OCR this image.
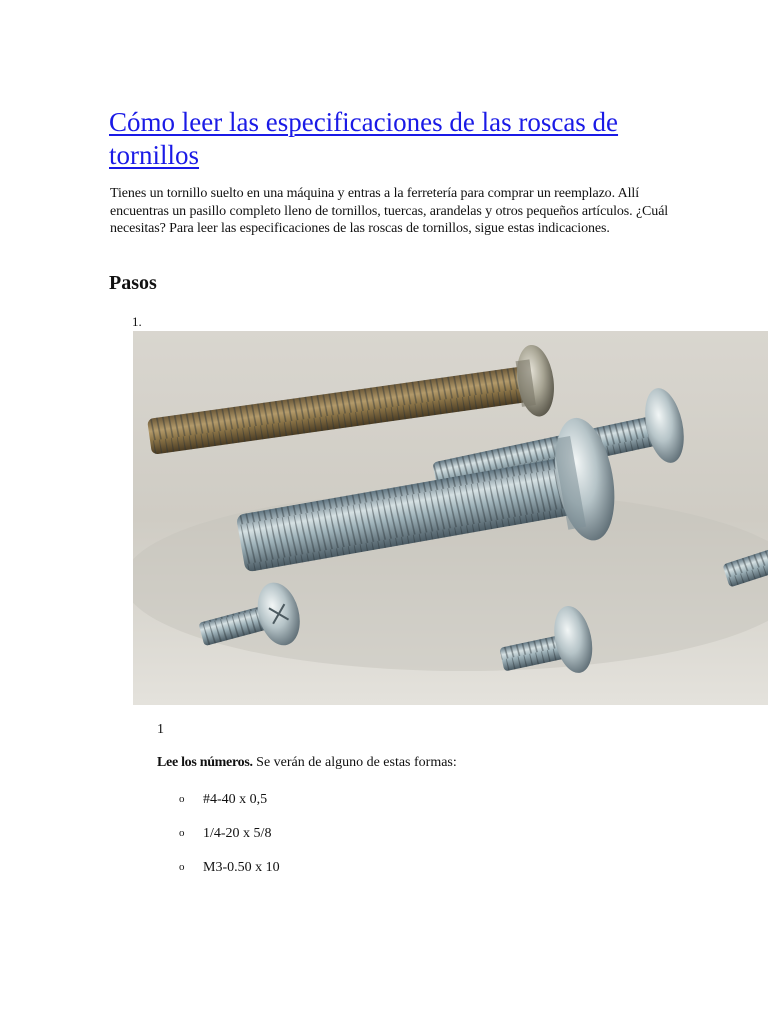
Cómo leer las especificaciones de las roscas de tornillos

Tienes un tornillo suelto en una máquina y entras a la ferretería para comprar un reemplazo. Allí encuentras un pasillo completo lleno de tornillos, tuercas, arandelas y otros pequeños artículos. ¿Cuál necesitas? Para leer las especificaciones de las roscas de tornillos, sigue estas indicaciones.

Pasos
1.
1
Lee los números. Se verán de alguno de estas formas:
o #4-40 x 0,5
o 1/4-20 x 5/8
o M3-0.50 x 10
